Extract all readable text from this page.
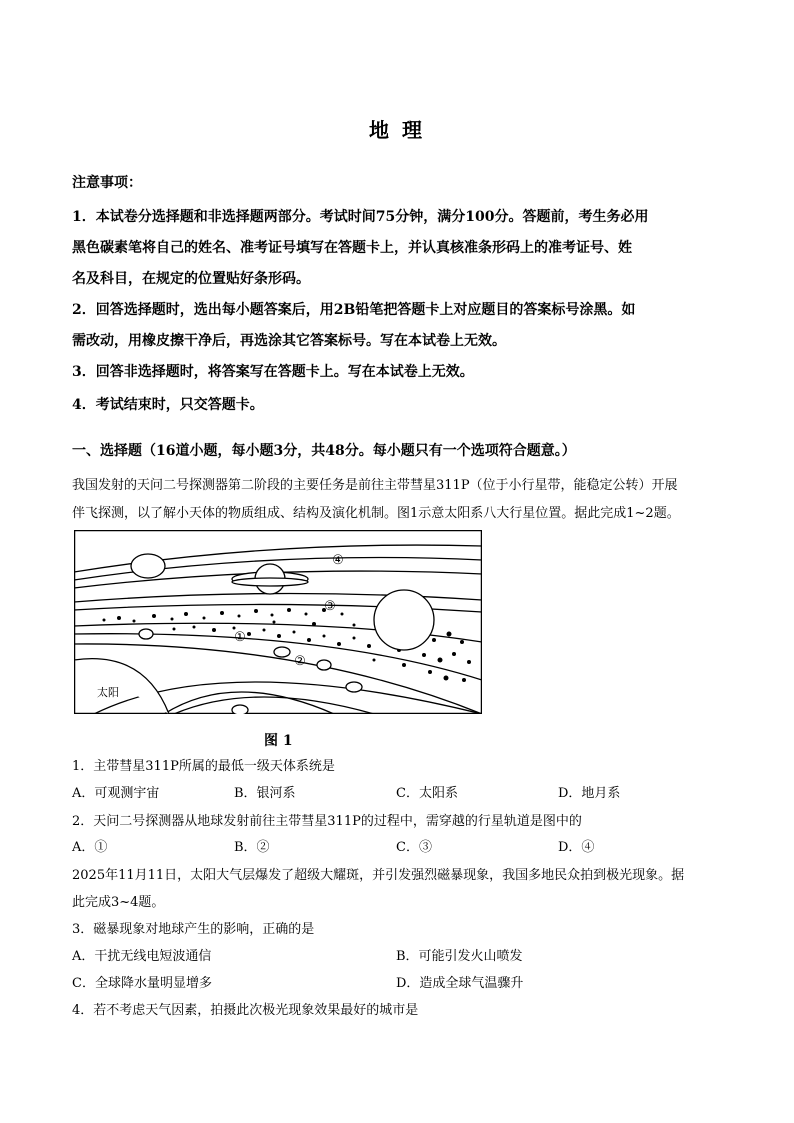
地 理
注意事项：
1．本试卷分选择题和非选择题两部分。考试时间75分钟，满分100分。答题前，考生务必用
黑色碳素笔将自己的姓名、准考证号填写在答题卡上，并认真核准条形码上的准考证号、姓
名及科目，在规定的位置贴好条形码。
2．回答选择题时，选出每小题答案后，用2B铅笔把答题卡上对应题目的答案标号涂黑。如
需改动，用橡皮擦干净后，再选涂其它答案标号。写在本试卷上无效。
3．回答非选择题时，将答案写在答题卡上。写在本试卷上无效。
4．考试结束时，只交答题卡。
一、选择题（16道小题，每小题3分，共48分。每小题只有一个选项符合题意。）
我国发射的天问二号探测器第二阶段的主要任务是前往主带彗星311P（位于小行星带，能稳定公转）开展
伴飞探测，以了解小天体的物质组成、结构及演化机制。图1示意太阳系八大行星位置。据此完成1~2题。
④
③
①
②
太阳
图 1
1．主带彗星311P所属的最低一级天体系统是
A．可观测宇宙	B．银河系	C．太阳系	D．地月系
2．天问二号探测器从地球发射前往主带彗星311P的过程中，需穿越的行星轨道是图中的
A．①	B．②	C．③	D．④
2025年11月11日，太阳大气层爆发了超级大耀斑，并引发强烈磁暴现象，我国多地民众拍到极光现象。据
此完成3~4题。
3．磁暴现象对地球产生的影响，正确的是
A．干扰无线电短波通信	B．可能引发火山喷发
C．全球降水量明显增多	D．造成全球气温骤升
4．若不考虑天气因素，拍摄此次极光现象效果最好的城市是
